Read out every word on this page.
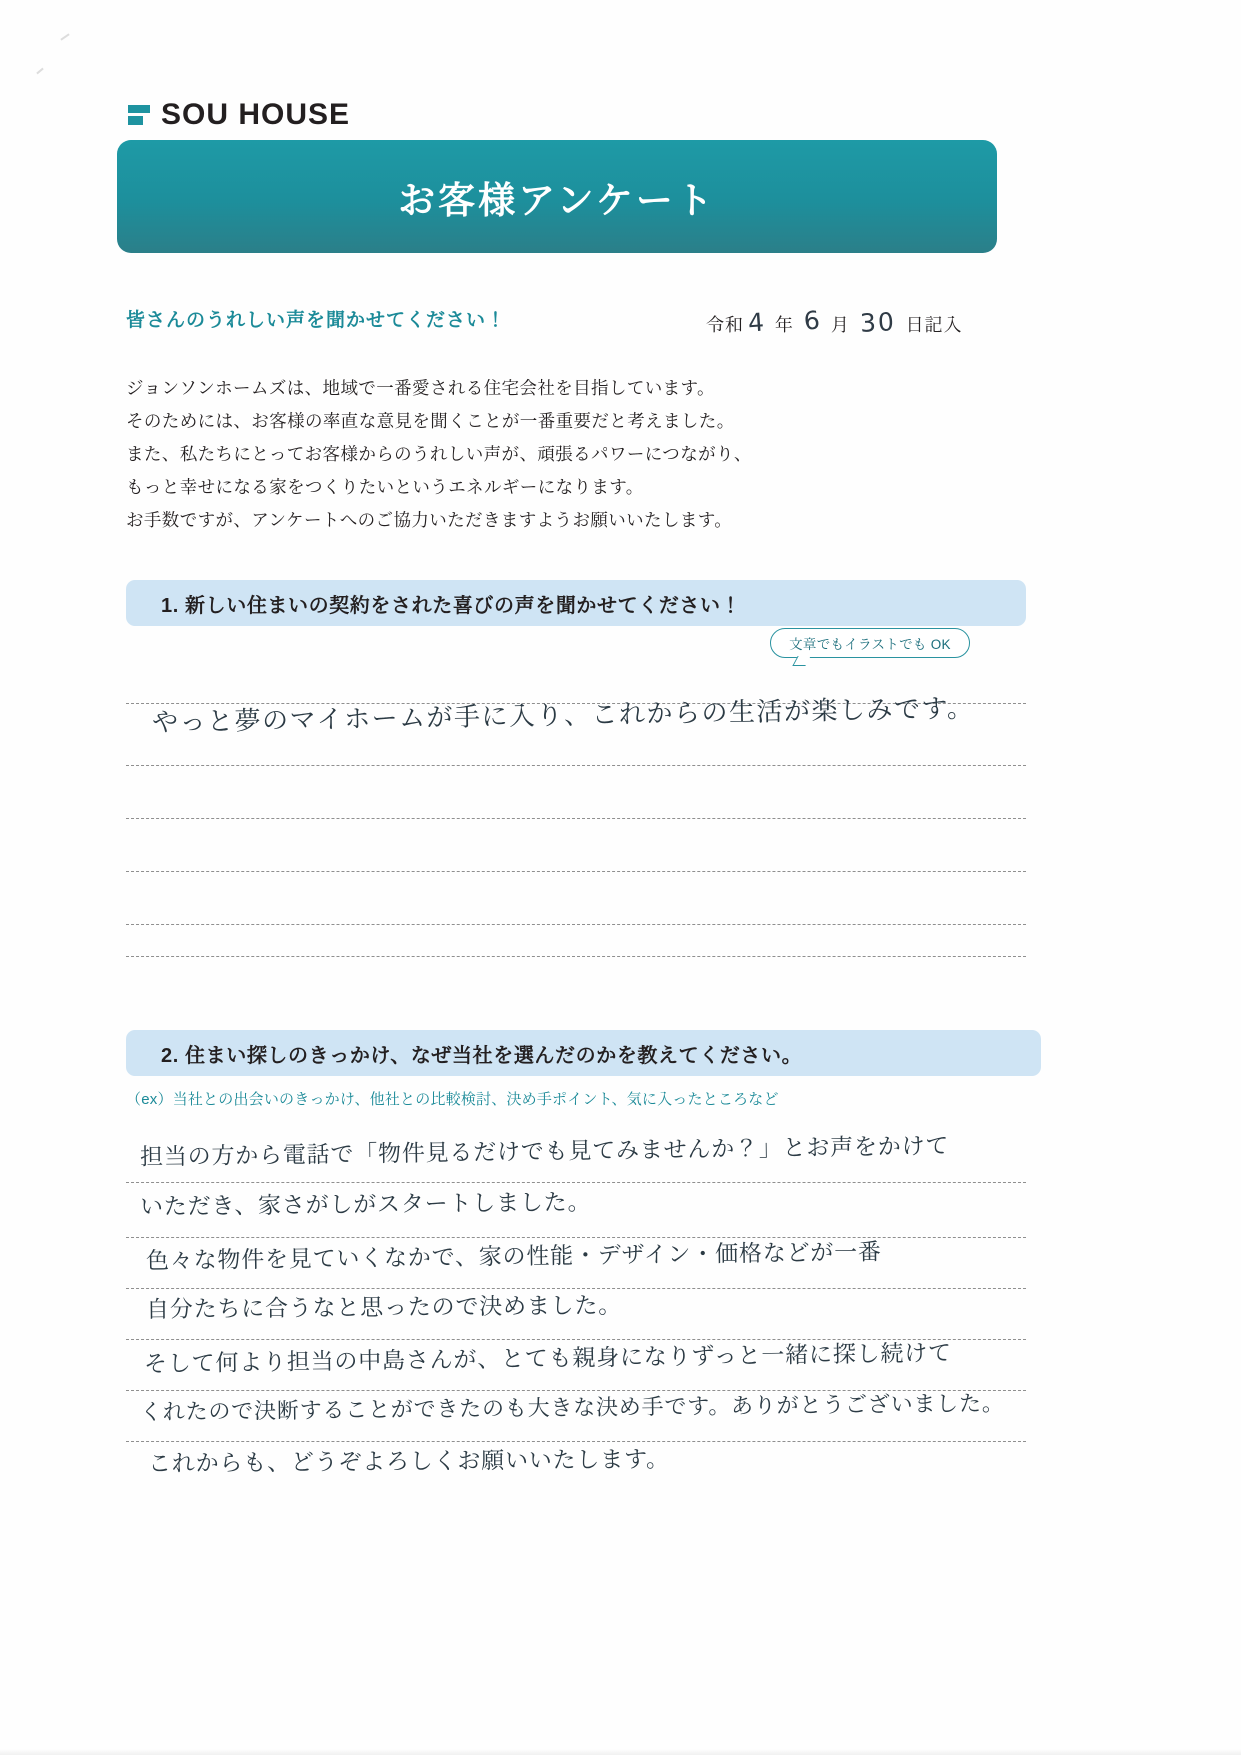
SOU HOUSE
お客様アンケート
皆さんのうれしい声を聞かせてください！	令和 4 年 6 月 30 日記入
ジョンソンホームズは、地域で一番愛される住宅会社を目指しています。
そのためには、お客様の率直な意見を聞くことが一番重要だと考えました。
また、私たちにとってお客様からのうれしい声が、頑張るパワーにつながり、
もっと幸せになる家をつくりたいというエネルギーになります。
お手数ですが、アンケートへのご協力いただきますようお願いいたします。
1. 新しい住まいの契約をされた喜びの声を聞かせてください！
文章でもイラストでも OK
やっと夢のマイホームが手に入り、これからの生活が楽しみです。
2. 住まい探しのきっかけ、なぜ当社を選んだのかを教えてください。
（ex）当社との出会いのきっかけ、他社との比較検討、決め手ポイント、気に入ったところなど
担当の方から電話で「物件見るだけでも見てみませんか？」とお声をかけて
いただき、家さがしがスタートしました。
色々な物件を見ていくなかで、家の性能・デザイン・価格などが一番
自分たちに合うなと思ったので決めました。
そして何より担当の中島さんが、とても親身になりずっと一緒に探し続けて
くれたので決断することができたのも大きな決め手です。ありがとうございました。
これからも、どうぞよろしくお願いいたします。
